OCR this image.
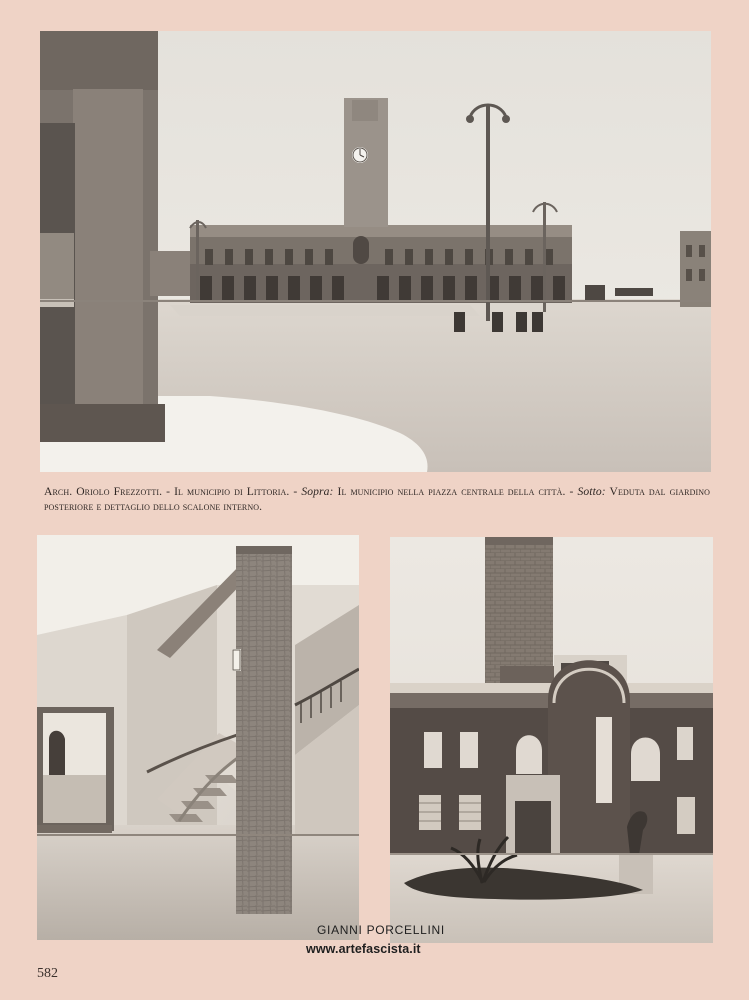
Arch. Oriolo Frezzotti. - Il municipio di Littoria. - Sopra: Il municipio nella piazza centrale della città. - Sotto: Veduta dal giardino posteriore e dettaglio dello scalone interno.
GIANNI PORCELLINI
www.artefascista.it
582
